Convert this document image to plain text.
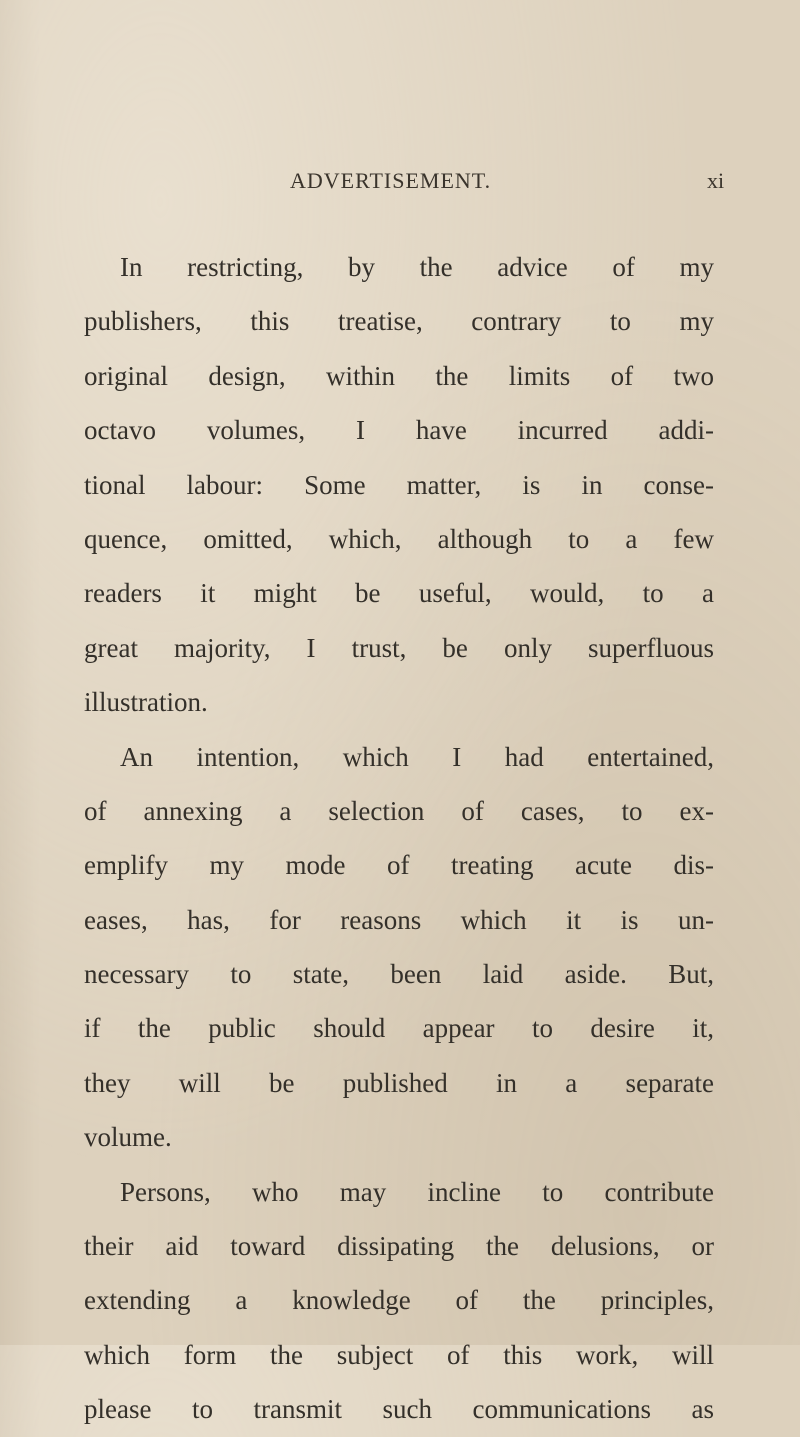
ADVERTISEMENT.	xi
In restricting, by the advice of my
publishers, this treatise, contrary to my
original design, within the limits of two
octavo volumes, I have incurred addi-
tional labour: Some matter, is in conse-
quence, omitted, which, although to a few
readers it might be useful, would, to a
great majority, I trust, be only superfluous
illustration.
An intention, which I had entertained,
of annexing a selection of cases, to ex-
emplify my mode of treating acute dis-
eases, has, for reasons which it is un-
necessary to state, been laid aside. But,
if the public should appear to desire it,
they will be published in a separate
volume.
Persons, who may incline to contribute
their aid toward dissipating the delusions, or
extending a knowledge of the principles,
which form the subject of this work, will
please to transmit such communications as
